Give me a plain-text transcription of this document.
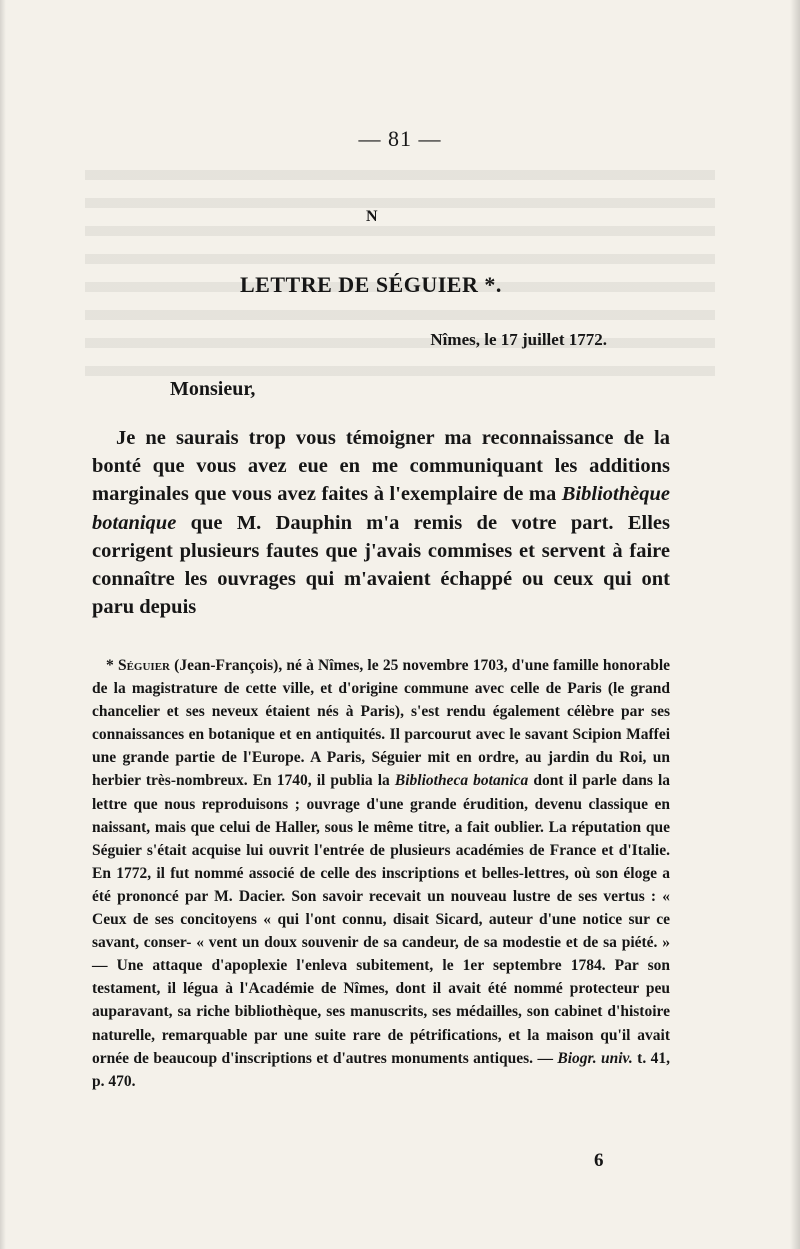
— 81 —
N
LETTRE DE SÉGUIER *.
Nîmes, le 17 juillet 1772.
Monsieur,

Je ne saurais trop vous témoigner ma reconnaissance de la bonté que vous avez eue en me communiquant les additions marginales que vous avez faites à l'exemplaire de ma Bibliothèque botanique que M. Dauphin m'a remis de votre part. Elles corrigent plusieurs fautes que j'avais commises et servent à faire connaître les ouvrages qui m'avaient échappé ou ceux qui ont paru depuis

* Séguier (Jean-François), né à Nîmes, le 25 novembre 1703, d'une famille honorable de la magistrature de cette ville, et d'origine commune avec celle de Paris (le grand chancelier et ses neveux étaient nés à Paris), s'est rendu également célèbre par ses connaissances en botanique et en antiquités. Il parcourut avec le savant Scipion Maffei une grande partie de l'Europe. A Paris, Séguier mit en ordre, au jardin du Roi, un herbier très-nombreux. En 1740, il publia la Bibliotheca botanica dont il parle dans la lettre que nous reproduisons ; ouvrage d'une grande érudition, devenu classique en naissant, mais que celui de Haller, sous le même titre, a fait oublier. La réputation que Séguier s'était acquise lui ouvrit l'entrée de plusieurs académies de France et d'Italie. En 1772, il fut nommé associé de celle des inscriptions et belles-lettres, où son éloge a été prononcé par M. Dacier. Son savoir recevait un nouveau lustre de ses vertus : « Ceux de ses concitoyens « qui l'ont connu, disait Sicard, auteur d'une notice sur ce savant, conser- « vent un doux souvenir de sa candeur, de sa modestie et de sa piété. » — Une attaque d'apoplexie l'enleva subitement, le 1er septembre 1784. Par son testament, il légua à l'Académie de Nîmes, dont il avait été nommé protecteur peu auparavant, sa riche bibliothèque, ses manuscrits, ses médailles, son cabinet d'histoire naturelle, remarquable par une suite rare de pétrifications, et la maison qu'il avait ornée de beaucoup d'inscriptions et d'autres monuments antiques. — Biogr. univ. t. 41, p. 470.

6
